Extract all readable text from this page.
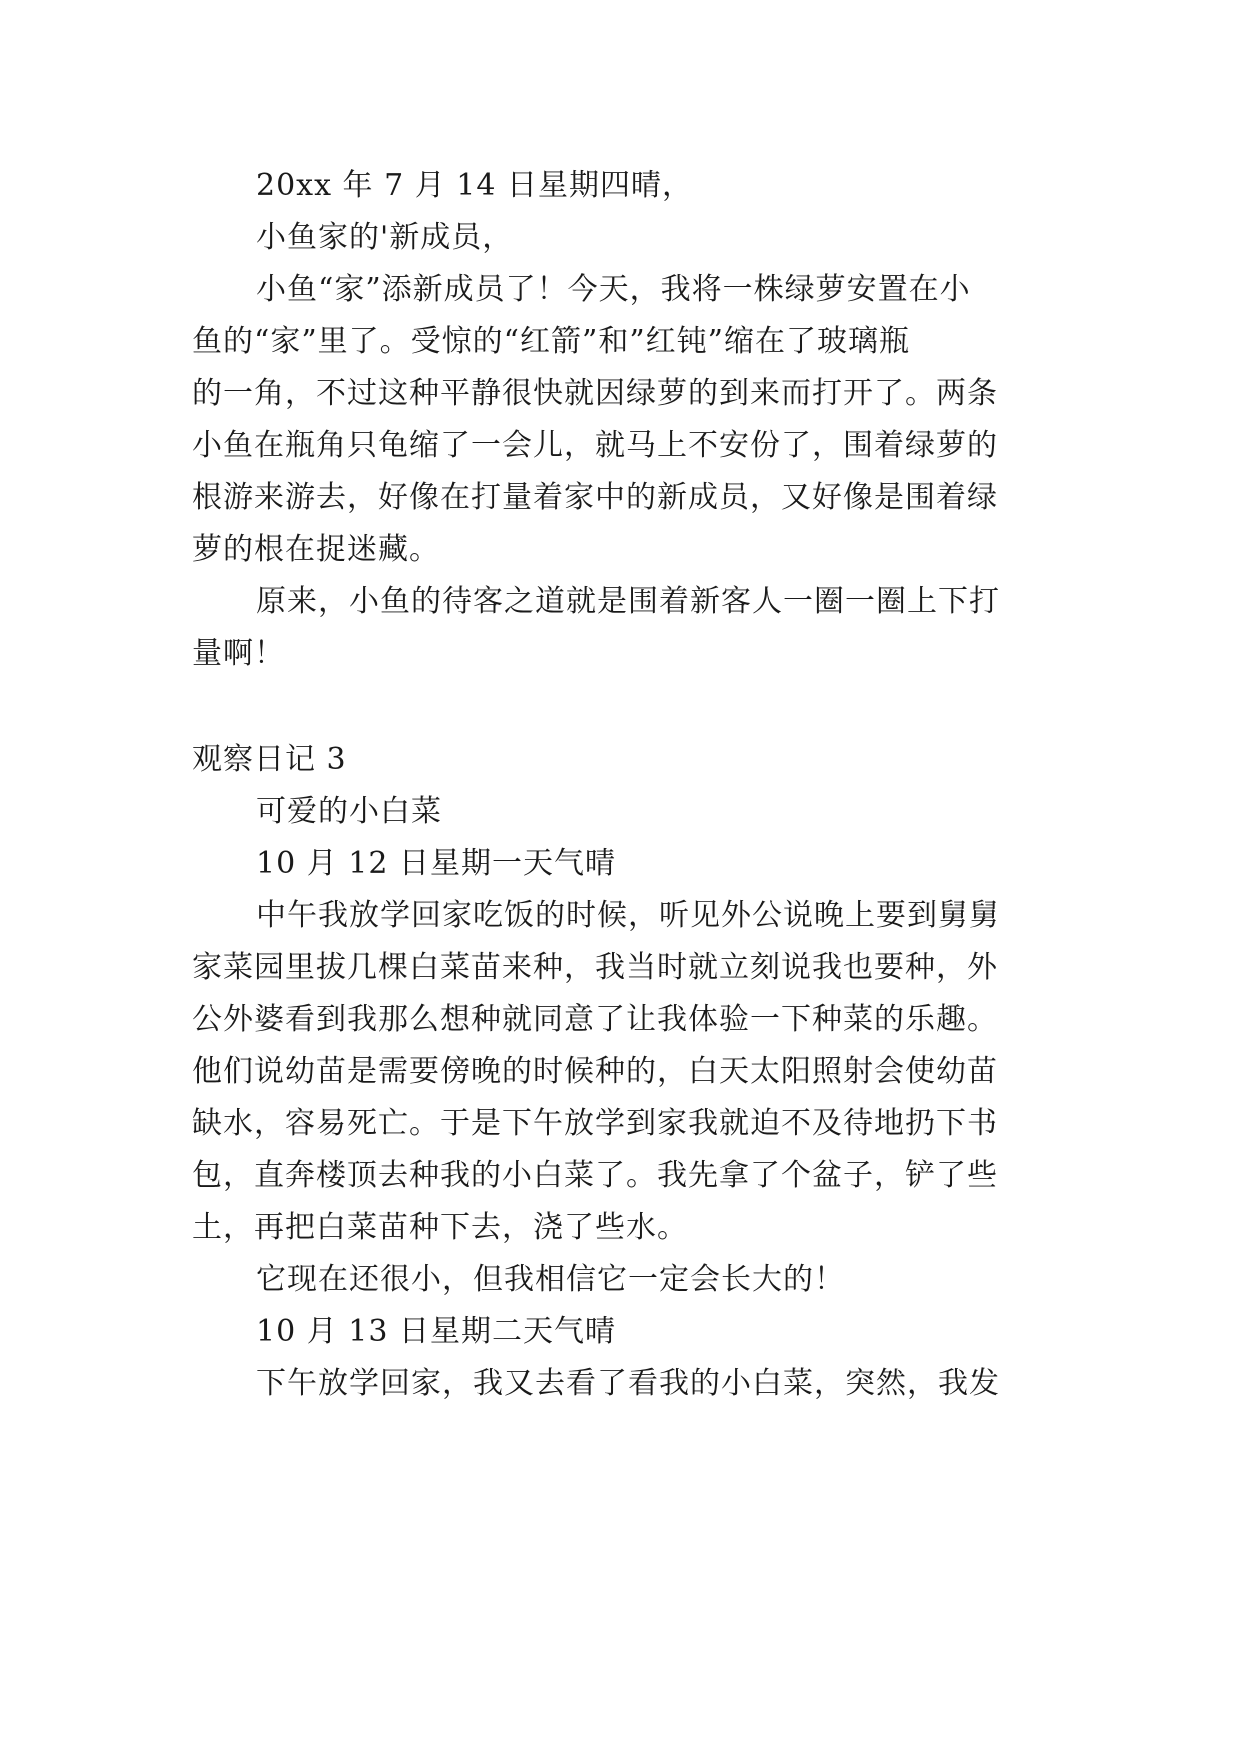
20xx 年 7 月 14 日星期四晴，
小鱼家的'新成员，
小鱼“家”添新成员了！今天，我将一株绿萝安置在小
鱼的“家”里了。受惊的“红箭”和”红钝”缩在了玻璃瓶
的一角，不过这种平静很快就因绿萝的到来而打开了。两条
小鱼在瓶角只龟缩了一会儿，就马上不安份了，围着绿萝的
根游来游去，好像在打量着家中的新成员，又好像是围着绿
萝的根在捉迷藏。
原来，小鱼的待客之道就是围着新客人一圈一圈上下打
量啊！
观察日记 3
可爱的小白菜
10 月 12 日星期一天气晴
中午我放学回家吃饭的时候，听见外公说晚上要到舅舅
家菜园里拔几棵白菜苗来种，我当时就立刻说我也要种，外
公外婆看到我那么想种就同意了让我体验一下种菜的乐趣。
他们说幼苗是需要傍晚的时候种的，白天太阳照射会使幼苗
缺水，容易死亡。于是下午放学到家我就迫不及待地扔下书
包，直奔楼顶去种我的小白菜了。我先拿了个盆子，铲了些
土，再把白菜苗种下去，浇了些水。
它现在还很小，但我相信它一定会长大的！
10 月 13 日星期二天气晴
下午放学回家，我又去看了看我的小白菜，突然，我发
